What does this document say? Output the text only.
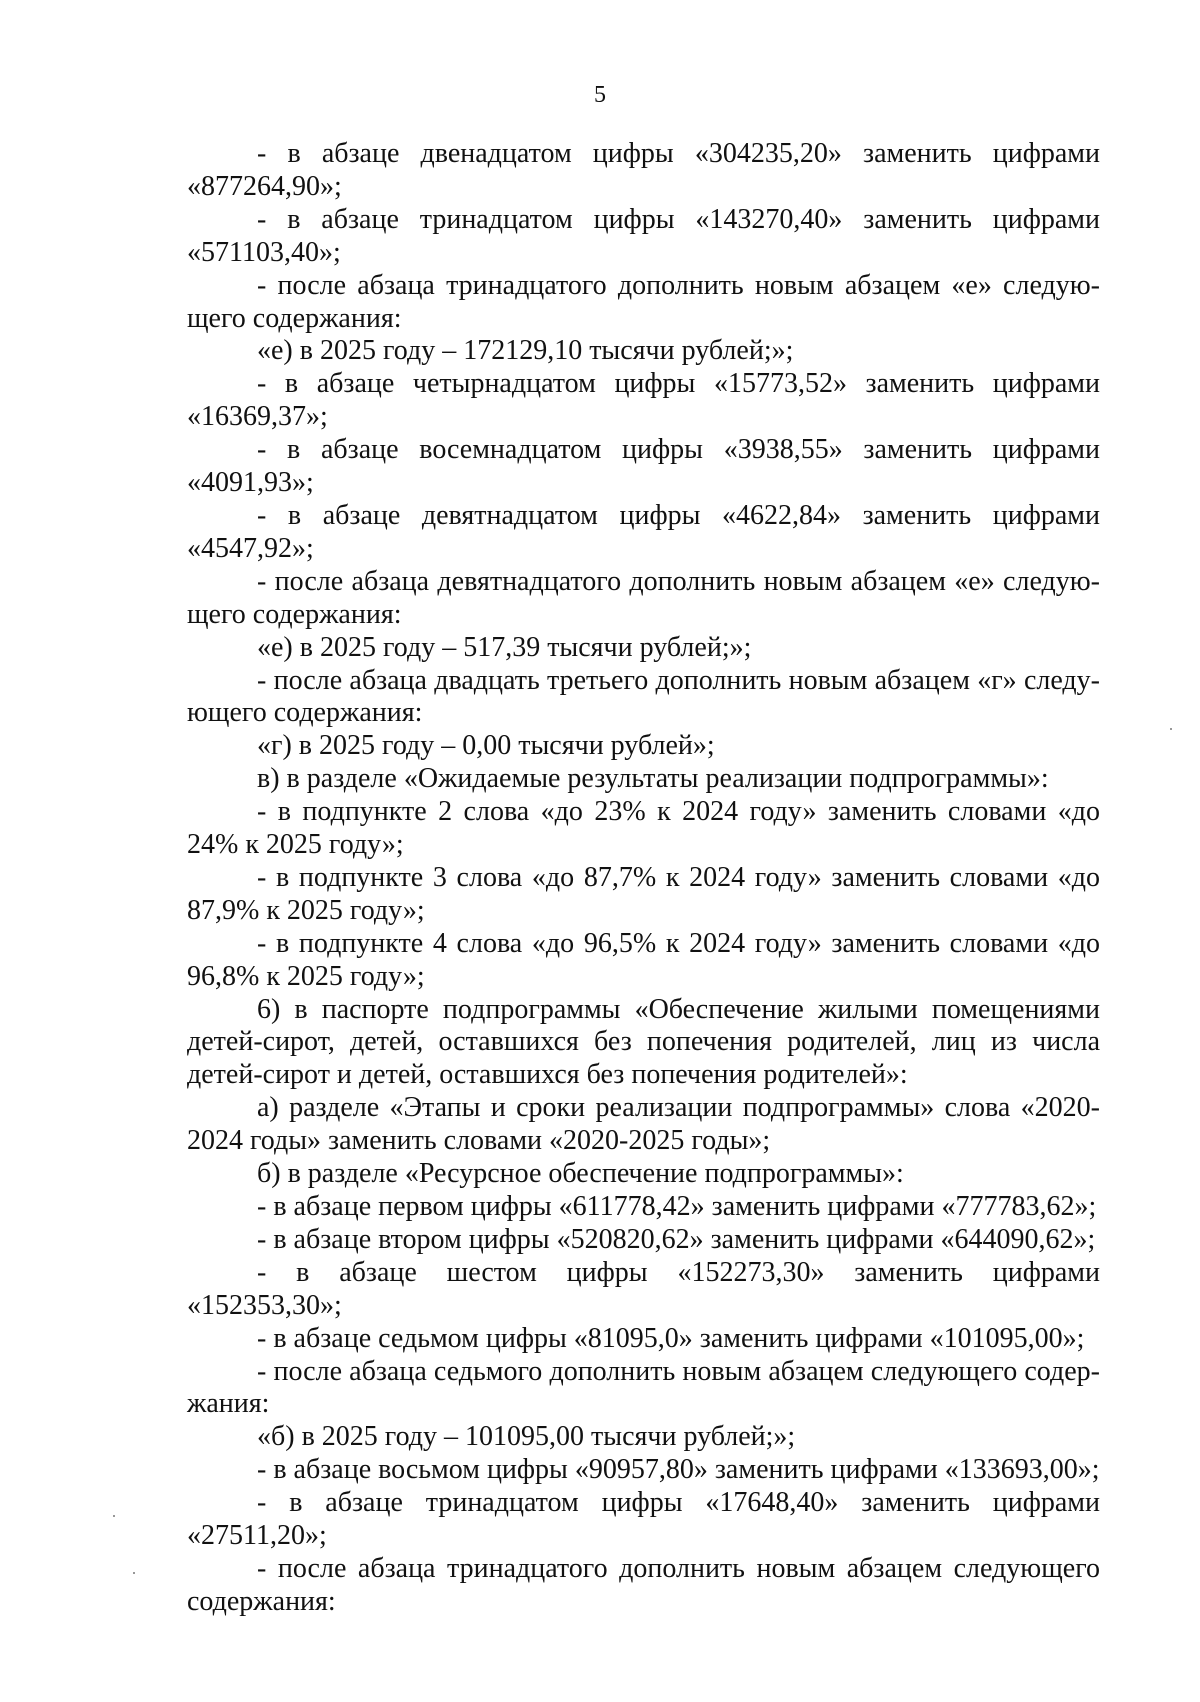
5

- в абзаце двенадцатом цифры «304235,20» заменить цифрами «877264,90»;

- в абзаце тринадцатом цифры «143270,40» заменить цифрами «571103,40»;

- после абзаца тринадцатого дополнить новым абзацем «е» следующего содержания:

«е) в 2025 году – 172129,10 тысячи рублей;»;

- в абзаце четырнадцатом цифры «15773,52» заменить цифрами «16369,37»;

- в абзаце восемнадцатом цифры «3938,55» заменить цифрами «4091,93»;

- в абзаце девятнадцатом цифры «4622,84» заменить цифрами «4547,92»;

- после абзаца девятнадцатого дополнить новым абзацем «е» следующего содержания:

«е) в 2025 году – 517,39 тысячи рублей;»;

- после абзаца двадцать третьего дополнить новым абзацем «г» следующего содержания:

«г) в 2025 году – 0,00 тысячи рублей»;

в) в разделе «Ожидаемые результаты реализации подпрограммы»:

- в подпункте 2 слова «до 23% к 2024 году» заменить словами «до 24% к 2025 году»;

- в подпункте 3 слова «до 87,7% к 2024 году» заменить словами «до 87,9% к 2025 году»;

- в подпункте 4 слова «до 96,5% к 2024 году» заменить словами «до 96,8% к 2025 году»;

6) в паспорте подпрограммы «Обеспечение жилыми помещениями детей-сирот, детей, оставшихся без попечения родителей, лиц из числа детей-сирот и детей, оставшихся без попечения родителей»:

а) разделе «Этапы и сроки реализации подпрограммы» слова «2020-2024 годы» заменить словами «2020-2025 годы»;

б) в разделе «Ресурсное обеспечение подпрограммы»:

- в абзаце первом цифры «611778,42» заменить цифрами «777783,62»;

- в абзаце втором цифры «520820,62» заменить цифрами «644090,62»;

- в абзаце шестом цифры «152273,30» заменить цифрами «152353,30»;

- в абзаце седьмом цифры «81095,0» заменить цифрами «101095,00»;

- после абзаца седьмого дополнить новым абзацем следующего содержания:

«б) в 2025 году – 101095,00 тысячи рублей;»;

- в абзаце восьмом цифры «90957,80» заменить цифрами «133693,00»;

- в абзаце тринадцатом цифры «17648,40» заменить цифрами «27511,20»;

- после абзаца тринадцатого дополнить новым абзацем следующего содержания:
